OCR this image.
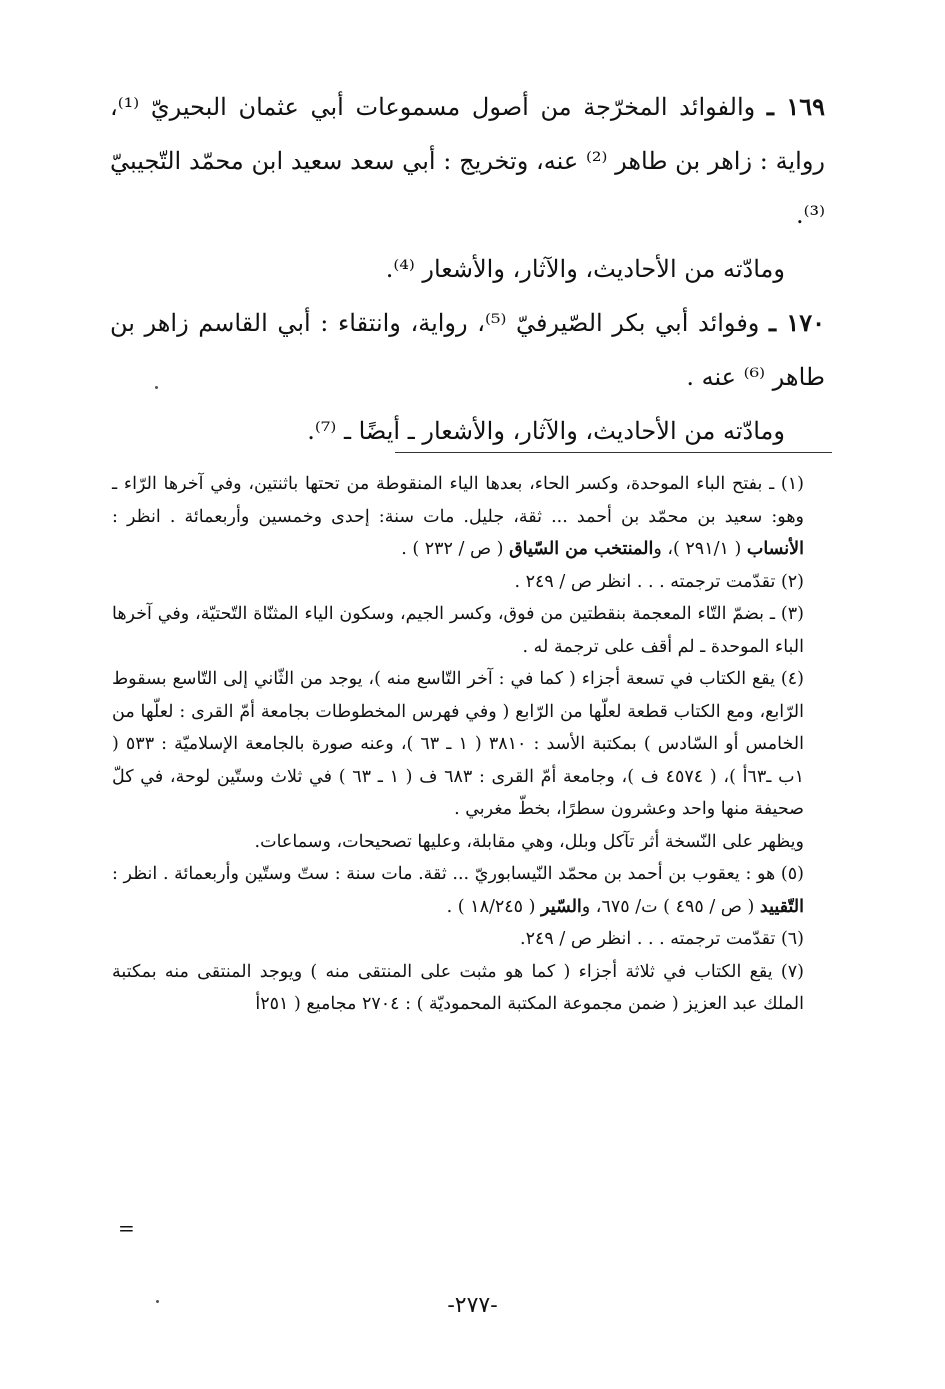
١٦٩ ـ والفوائد المخرّجة من أصول مسموعات أبي عثمان البحيريّ ⁽¹⁾، رواية : زاهر بن طاهر ⁽²⁾ عنه، وتخريج : أبي سعد سعيد ابن محمّد التّجيبيّ ⁽³⁾.

ومادّته من الأحاديث، والآثار، والأشعار ⁽⁴⁾.

١٧٠ ـ وفوائد أبي بكر الصّيرفيّ ⁽⁵⁾، رواية، وانتقاء : أبي القاسم زاهر بن طاهر ⁽⁶⁾ عنه .

ومادّته من الأحاديث، والآثار، والأشعار ـ أيضًا ـ ⁽⁷⁾.

(١) ـ بفتح الباء الموحدة، وكسر الحاء، بعدها الياء المنقوطة من تحتها باثنتين، وفي آخرها الرّاء ـ وهو: سعيد بن محمّد بن أحمد ... ثقة، جليل. مات سنة: إحدى وخمسين وأربعمائة . انظر : الأنساب ( ٢٩١/١ )، والمنتخب من السّياق ( ص / ٢٣٢ ) .

(٢) تقدّمت ترجمته . . . انظر ص / ٢٤٩ .

(٣) ـ بضمّ التّاء المعجمة بنقطتين من فوق، وكسر الجيم، وسكون الياء المثنّاة التّحتيّة، وفي آخرها الباء الموحدة ـ لم أقف على ترجمة له .

(٤) يقع الكتاب في تسعة أجزاء ( كما في : آخر التّاسع منه )، يوجد من الثّاني إلى التّاسع بسقوط الرّابع، ومع الكتاب قطعة لعلّها من الرّابع ( وفي فهرس المخطوطات بجامعة أمّ القرى : لعلّها من الخامس أو السّادس ) بمكتبة الأسد : ٣٨١٠ ( ١ ـ ٦٣ )، وعنه صورة بالجامعة الإسلاميّة : ٥٣٣ ( ١ب ـ٦٣أ )، ( ٤٥٧٤ ف )، وجامعة أمّ القرى : ٦٨٣ ف ( ١ ـ ٦٣ ) في ثلاث وستّين لوحة، في كلّ صحيفة منها واحد وعشرون سطرًا، بخطّ مغربي .

ويظهر على النّسخة أثر تآكل وبلل، وهي مقابلة، وعليها تصحيحات، وسماعات.

(٥) هو : يعقوب بن أحمد بن محمّد النّيسابوريّ ... ثقة. مات سنة : ستّ وستّين وأربعمائة . انظر : التّقييد ( ص / ٤٩٥ ) ت/ ٦٧٥، والسّير ( ١٨/٢٤٥ ) .

(٦) تقدّمت ترجمته . . . انظر ص / ٢٤٩.

(٧) يقع الكتاب في ثلاثة أجزاء ( كما هو مثبت على المنتقى منه ) ويوجد المنتقى منه بمكتبة الملك عبد العزيز ( ضمن مجموعة المكتبة المحموديّة ) : ٢٧٠٤ مجاميع ( ٢٥١أ

=
-٢٧٧-
